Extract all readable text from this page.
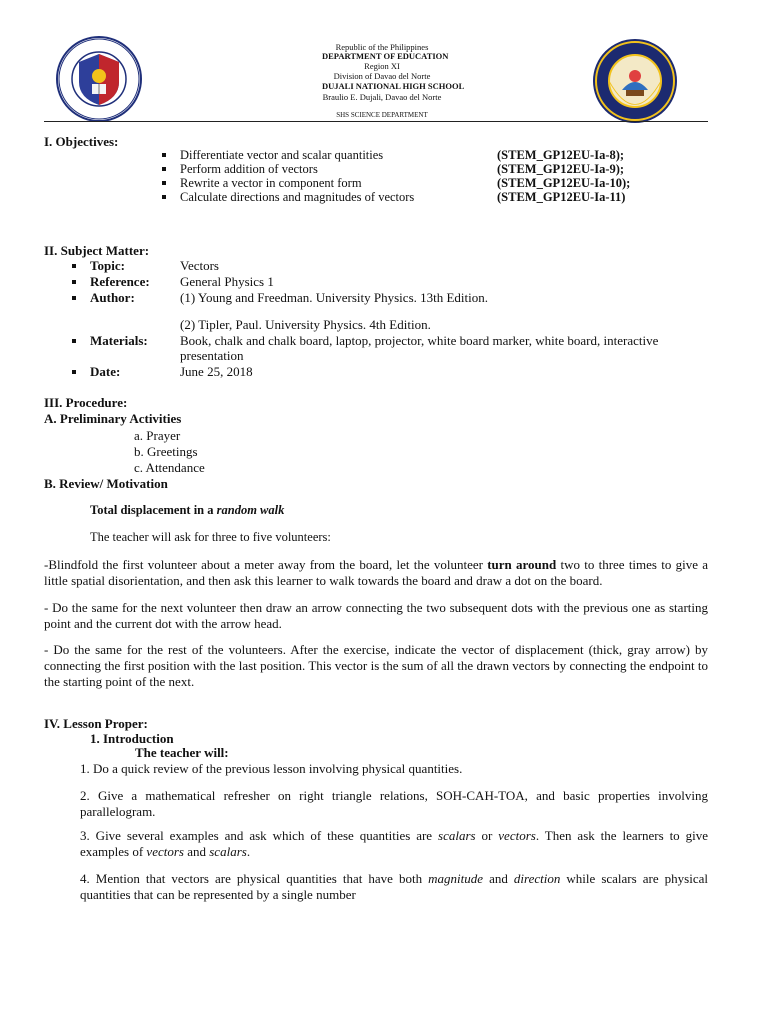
Republic of the Philippines
DEPARTMENT OF EDUCATION
Region XI
Division of Davao del Norte
DUJALI NATIONAL HIGH SCHOOL
Braulio E. Dujali, Davao del Norte
SHS SCIENCE DEPARTMENT
I. Objectives:
Differentiate vector and scalar quantities	(STEM_GP12EU-Ia-8);
Perform addition of vectors	(STEM_GP12EU-Ia-9);
Rewrite a vector in component form	(STEM_GP12EU-Ia-10);
Calculate directions and magnitudes of vectors	(STEM_GP12EU-Ia-11)
II. Subject Matter:
Topic:	Vectors
Reference: General Physics 1
Author:	(1) Young and Freedman. University Physics. 13th Edition.
(2) Tipler, Paul. University Physics. 4th Edition.
Materials: Book, chalk and chalk board, laptop, projector, white board marker, white board, interactive
presentation
Date:	June 25, 2018
III. Procedure:
A. Preliminary Activities
a. Prayer
b. Greetings
c. Attendance
B. Review/ Motivation
Total displacement in a random walk
The teacher will ask for three to five volunteers:
-Blindfold the first volunteer about a meter away from the board, let the volunteer turn around two to three times to give a little spatial disorientation, and then ask this learner to walk towards the board and draw a dot on the board.
- Do the same for the next volunteer then draw an arrow connecting the two subsequent dots with the previous one as starting point and the current dot with the arrow head.
- Do the same for the rest of the volunteers. After the exercise, indicate the vector of displacement (thick, gray arrow) by connecting the first position with the last position. This vector is the sum of all the drawn vectors by connecting the endpoint to the starting point of the next.
IV. Lesson Proper:
1. Introduction
The teacher will:
1. Do a quick review of the previous lesson involving physical quantities.
2. Give a mathematical refresher on right triangle relations, SOH-CAH-TOA, and basic properties involving parallelogram.
3. Give several examples and ask which of these quantities are scalars or vectors. Then ask the learners to give examples of vectors and scalars.
4. Mention that vectors are physical quantities that have both magnitude and direction while scalars are physical quantities that can be represented by a single number
